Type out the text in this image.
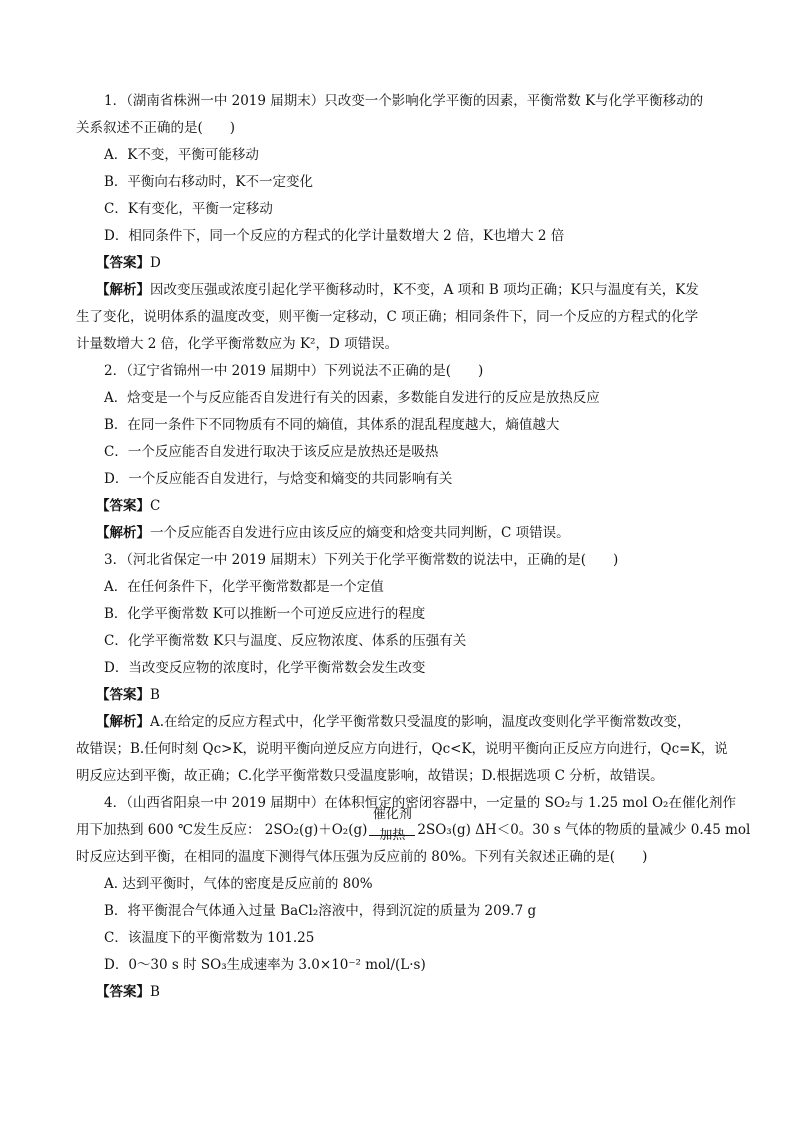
1．（湖南省株洲一中 2019 届期末）只改变一个影响化学平衡的因素，平衡常数 K与化学平衡移动的
关系叙述不正确的是(　　)
A．K不变，平衡可能移动
B．平衡向右移动时，K不一定变化
C．K有变化，平衡一定移动
D．相同条件下，同一个反应的方程式的化学计量数增大 2 倍，K也增大 2 倍
【答案】D
【解析】因改变压强或浓度引起化学平衡移动时，K不变，A 项和 B 项均正确；K只与温度有关，K发
生了变化，说明体系的温度改变，则平衡一定移动，C 项正确；相同条件下，同一个反应的方程式的化学
计量数增大 2 倍，化学平衡常数应为 K²，D 项错误。
2．（辽宁省锦州一中 2019 届期中）下列说法不正确的是(　　)
A．焓变是一个与反应能否自发进行有关的因素，多数能自发进行的反应是放热反应
B．在同一条件下不同物质有不同的熵值，其体系的混乱程度越大，熵值越大
C．一个反应能否自发进行取决于该反应是放热还是吸热
D．一个反应能否自发进行，与焓变和熵变的共同影响有关
【答案】C
【解析】一个反应能否自发进行应由该反应的熵变和焓变共同判断，C 项错误。
3．（河北省保定一中 2019 届期末）下列关于化学平衡常数的说法中，正确的是(　　)
A．在任何条件下，化学平衡常数都是一个定值
B．化学平衡常数 K可以推断一个可逆反应进行的程度
C．化学平衡常数 K只与温度、反应物浓度、体系的压强有关
D．当改变反应物的浓度时，化学平衡常数会发生改变
【答案】B
【解析】A.在给定的反应方程式中，化学平衡常数只受温度的影响，温度改变则化学平衡常数改变，
故错误；B.任何时刻 Qc>K，说明平衡向逆反应方向进行，Qc<K，说明平衡向正反应方向进行，Qc=K，说
明反应达到平衡，故正确；C.化学平衡常数只受温度影响，故错误；D.根据选项 C 分析，故错误。
4．（山西省阳泉一中 2019 届期中）在体积恒定的密闭容器中，一定量的 SO₂与 1.25 mol O₂在催化剂作
用下加热到 600 ℃发生反应： 2SO₂(g)＋O₂(g)
催化剂
加热 2SO₃(g) ΔH＜0。30 s 气体的物质的量减少 0.45 mol
时反应达到平衡，在相同的温度下测得气体压强为反应前的 80%。下列有关叙述正确的是(　　)
A. 达到平衡时，气体的密度是反应前的 80%
B．将平衡混合气体通入过量 BaCl₂溶液中，得到沉淀的质量为 209.7 g
C．该温度下的平衡常数为 101.25
D．0～30 s 时 SO₃生成速率为 3.0×10⁻² mol/(L·s)
【答案】B
